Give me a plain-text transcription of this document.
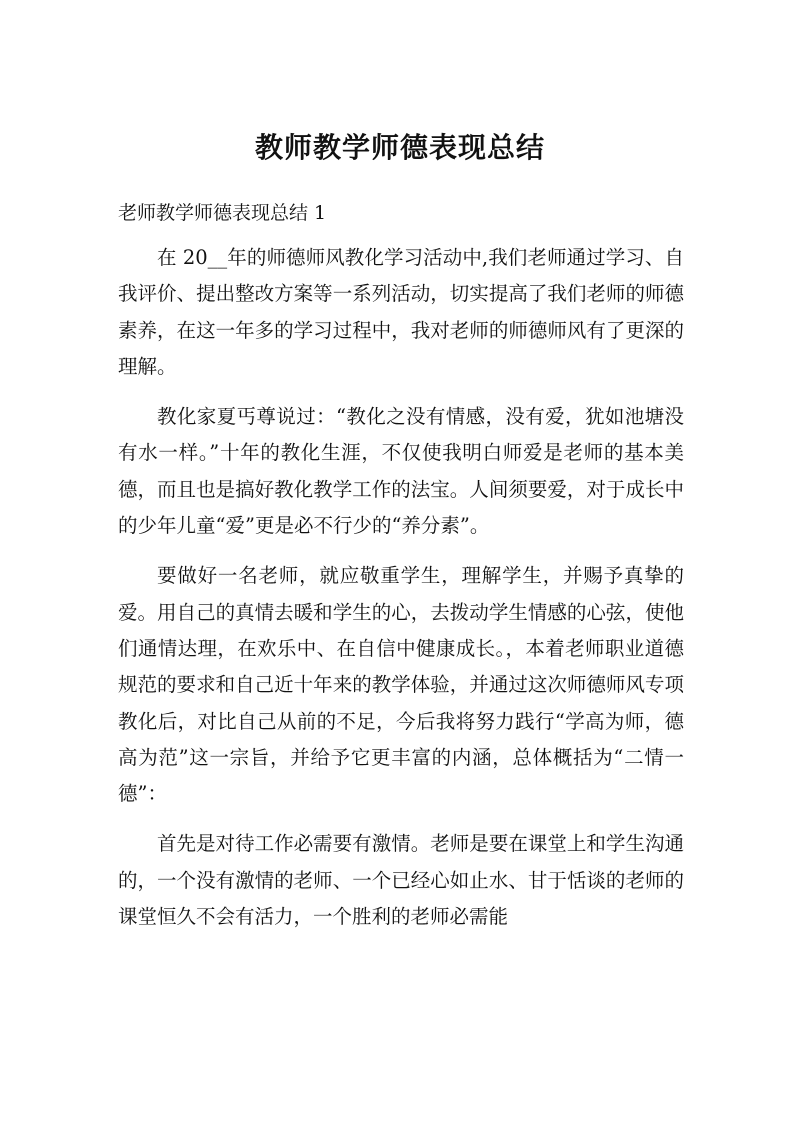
教师教学师德表现总结

老师教学师德表现总结 1

在 20__年的师德师风教化学习活动中,我们老师通过学习、自我评价、提出整改方案等一系列活动，切实提高了我们老师的师德素养，在这一年多的学习过程中，我对老师的师德师风有了更深的理解。

教化家夏丐尊说过：“教化之没有情感，没有爱，犹如池塘没有水一样。”十年的教化生涯，不仅使我明白师爱是老师的基本美德，而且也是搞好教化教学工作的法宝。人间须要爱，对于成长中的少年儿童“爱”更是必不行少的“养分素”。

要做好一名老师，就应敬重学生，理解学生，并赐予真挚的爱。用自己的真情去暖和学生的心，去拨动学生情感的心弦，使他们通情达理，在欢乐中、在自信中健康成长。，本着老师职业道德规范的要求和自己近十年来的教学体验，并通过这次师德师风专项教化后，对比自己从前的不足，今后我将努力践行“学高为师，德高为范”这一宗旨，并给予它更丰富的内涵，总体概括为“二情一德”：

首先是对待工作必需要有激情。老师是要在课堂上和学生沟通的，一个没有激情的老师、一个已经心如止水、甘于恬谈的老师的课堂恒久不会有活力，一个胜利的老师必需能
